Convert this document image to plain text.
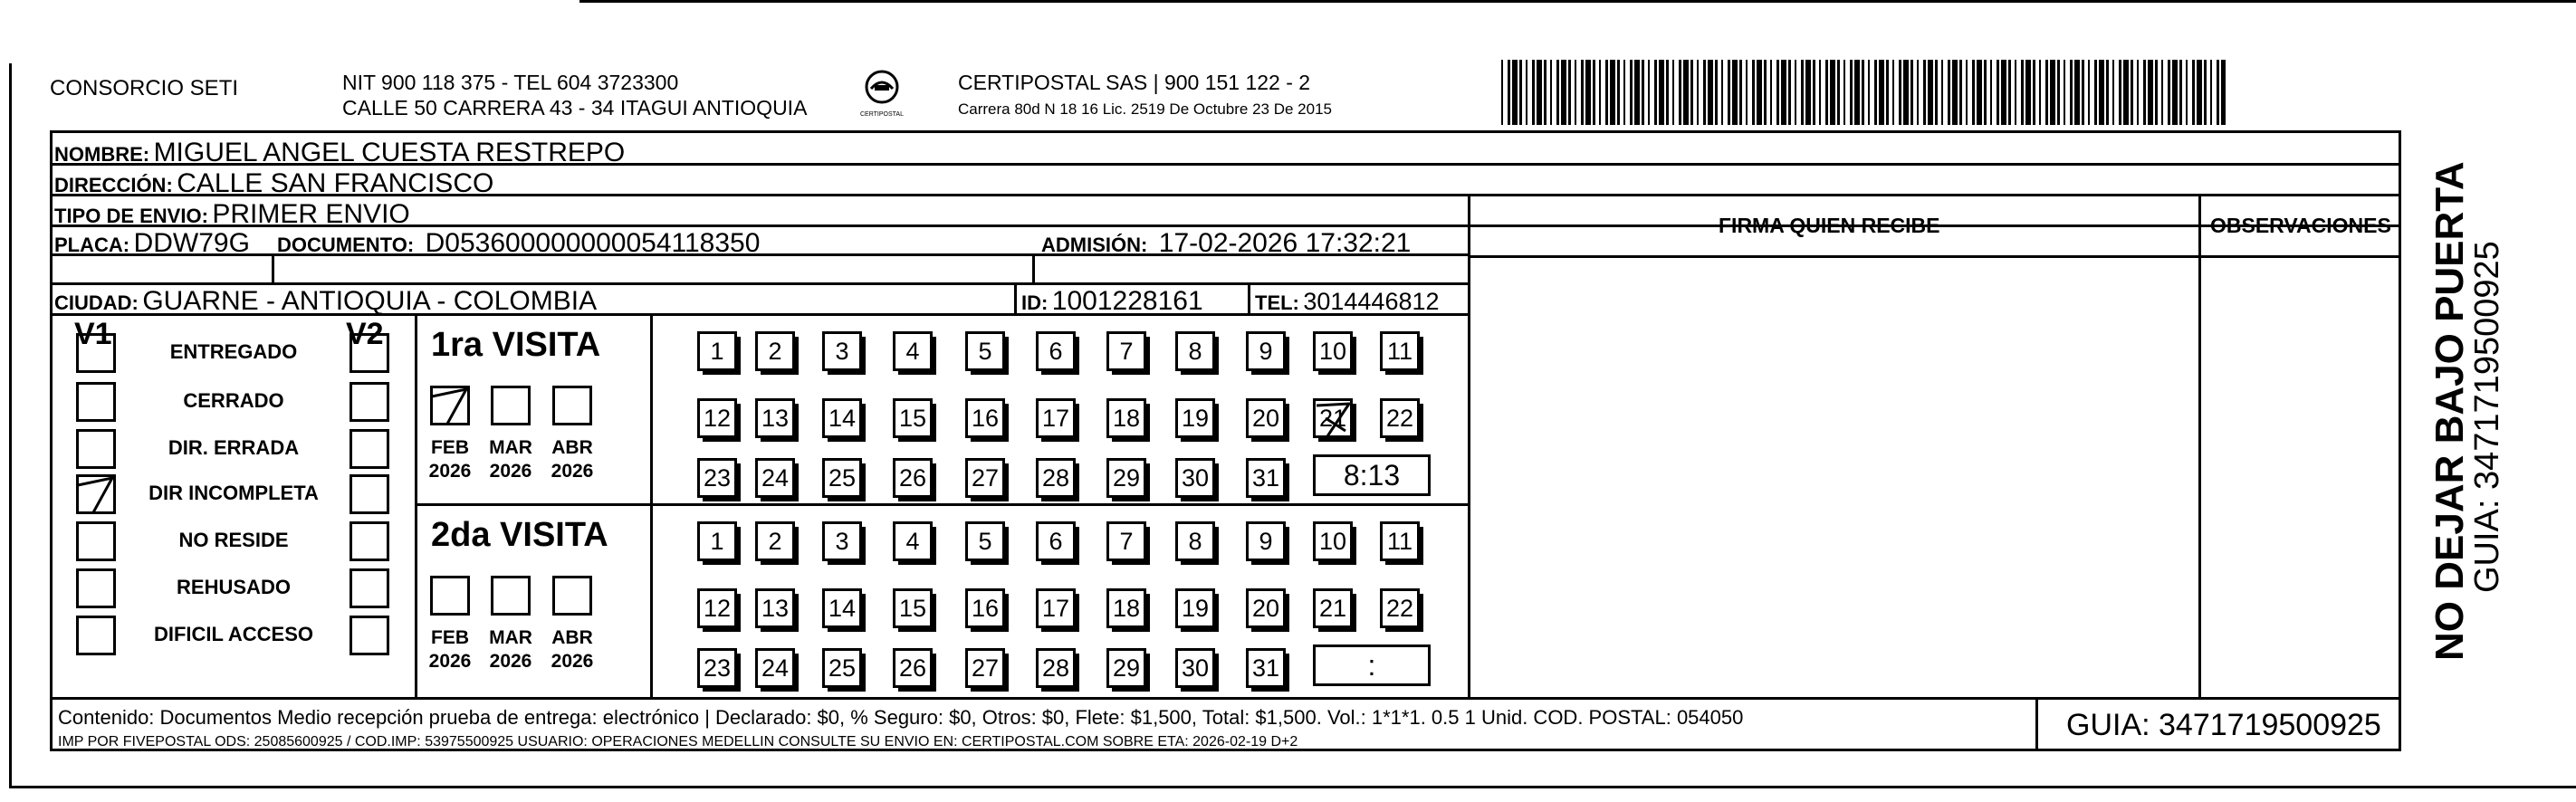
CONSORCIO SETI	NIT 900 118 375 - TEL 604 3723300
CALLE 50 CARRERA 43 - 34 ITAGUI ANTIOQUIA	CERTIPOSTAL
CERTIPOSTAL SAS | 900 151 122 - 2
Carrera 80d N 18 16 Lic. 2519 De Octubre 23 De 2015
NOMBRE: MIGUEL ANGEL CUESTA RESTREPO
DIRECCIÓN: CALLE SAN FRANCISCO
TIPO DE ENVIO: PRIMER ENVIO
PLACA: DDW79G DOCUMENTO: D053600000000054118350	ADMISIÓN: 17-02-2026 17:32:21
CIUDAD: GUARNE - ANTIOQUIA - COLOMBIA	ID: 1001228161	TEL: 3014446812
FIRMA QUIEN RECIBE	OBSERVACIONES
V1	V2
ENTREGADO
CERRADO
DIR. ERRADA
DIR INCOMPLETA
NO RESIDE
REHUSADO
DIFICIL ACCESO
1ra VISITA
FEB
2026
MAR
2026
ABR
2026
1 2 3 4 5 6 7 8 9 10 11
12 13 14 15 16 17 18 19 20 21 22
23 24 25 26 27 28 29 30 31 8:13
2da VISITA
FEB
2026
MAR
2026
ABR
2026
1 2 3 4 5 6 7 8 9 10 11
12 13 14 15 16 17 18 19 20 21 22
23 24 25 26 27 28 29 30 31	:
Contenido: Documentos Medio recepción prueba de entrega: electrónico | Declarado: $0, % Seguro: $0, Otros: $0, Flete: $1,500, Total: $1,500. Vol.: 1*1*1. 0.5 1 Unid. COD. POSTAL: 054050
IMP POR FIVEPOSTAL ODS: 25085600925 / COD.IMP: 53975500925 USUARIO: OPERACIONES MEDELLIN CONSULTE SU ENVIO EN: CERTIPOSTAL.COM SOBRE ETA: 2026-02-19 D+2	GUIA: 3471719500925
NO DEJAR BAJO PUERTA
GUIA: 3471719500925
